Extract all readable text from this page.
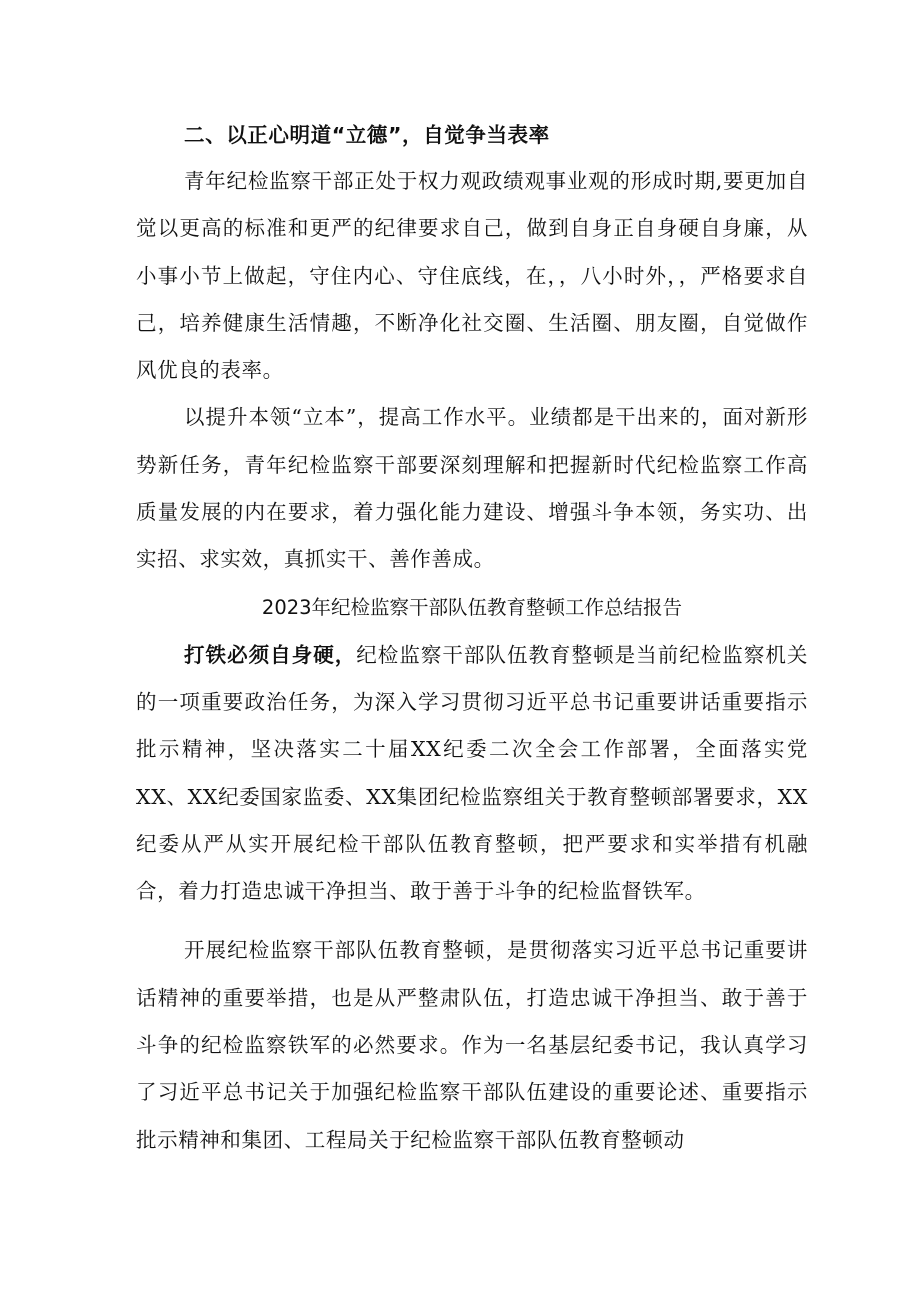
二、以正心明道“立德”，自觉争当表率

青年纪检监察干部正处于权力观政绩观事业观的形成时期,要更加自觉以更高的标准和更严的纪律要求自己，做到自身正自身硬自身廉，从小事小节上做起，守住内心、守住底线，在，，八小时外，，严格要求自己，培养健康生活情趣，不断净化社交圈、生活圈、朋友圈，自觉做作风优良的表率。

以提升本领“立本”，提高工作水平。业绩都是干出来的，面对新形势新任务，青年纪检监察干部要深刻理解和把握新时代纪检监察工作高质量发展的内在要求，着力强化能力建设、增强斗争本领，务实功、出实招、求实效，真抓实干、善作善成。

2023年纪检监察干部队伍教育整顿工作总结报告

打铁必须自身硬，纪检监察干部队伍教育整顿是当前纪检监察机关的一项重要政治任务，为深入学习贯彻习近平总书记重要讲话重要指示批示精神，坚决落实二十届XX纪委二次全会工作部署，全面落实党XX、XX纪委国家监委、XX集团纪检监察组关于教育整顿部署要求，XX纪委从严从实开展纪检干部队伍教育整顿，把严要求和实举措有机融合，着力打造忠诚干净担当、敢于善于斗争的纪检监督铁军。

开展纪检监察干部队伍教育整顿，是贯彻落实习近平总书记重要讲话精神的重要举措，也是从严整肃队伍，打造忠诚干净担当、敢于善于斗争的纪检监察铁军的必然要求。作为一名基层纪委书记，我认真学习了习近平总书记关于加强纪检监察干部队伍建设的重要论述、重要指示批示精神和集团、工程局关于纪检监察干部队伍教育整顿动
